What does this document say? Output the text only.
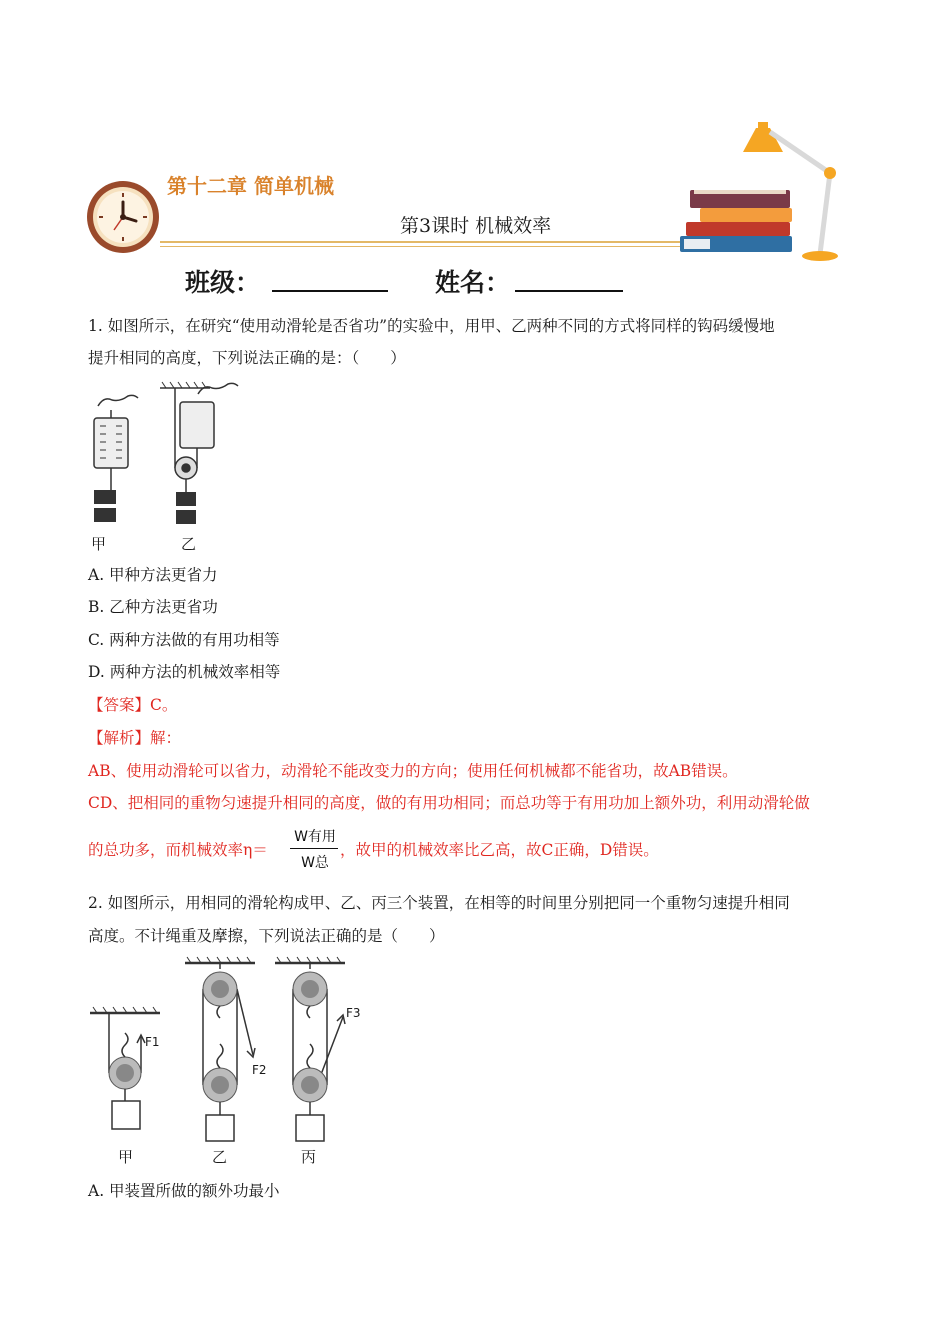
第十二章 简单机械
第3课时 机械效率
班级：	姓名：
1. 如图所示，在研究“使用动滑轮是否省功”的实验中，用甲、乙两种不同的方式将同样的钩码缓慢地
提升相同的高度，下列说法正确的是：（　　）
甲	乙
A. 甲种方法更省力
B. 乙种方法更省功
C. 两种方法做的有用功相等
D. 两种方法的机械效率相等
【答案】C。
【解析】解：
AB、使用动滑轮可以省力，动滑轮不能改变力的方向；使用任何机械都不能省功，故AB错误。
CD、把相同的重物匀速提升相同的高度，做的有用功相同；而总功等于有用功加上额外功，利用动滑轮做
的总功多，而机械效率η＝
W有用
W总
，故甲的机械效率比乙高，故C正确，D错误。
2. 如图所示，用相同的滑轮构成甲、乙、丙三个装置，在相等的时间里分别把同一个重物匀速提升相同
高度。不计绳重及摩擦，下列说法正确的是（　　）
F1
F2
F3
甲	乙	丙
A. 甲装置所做的额外功最小
